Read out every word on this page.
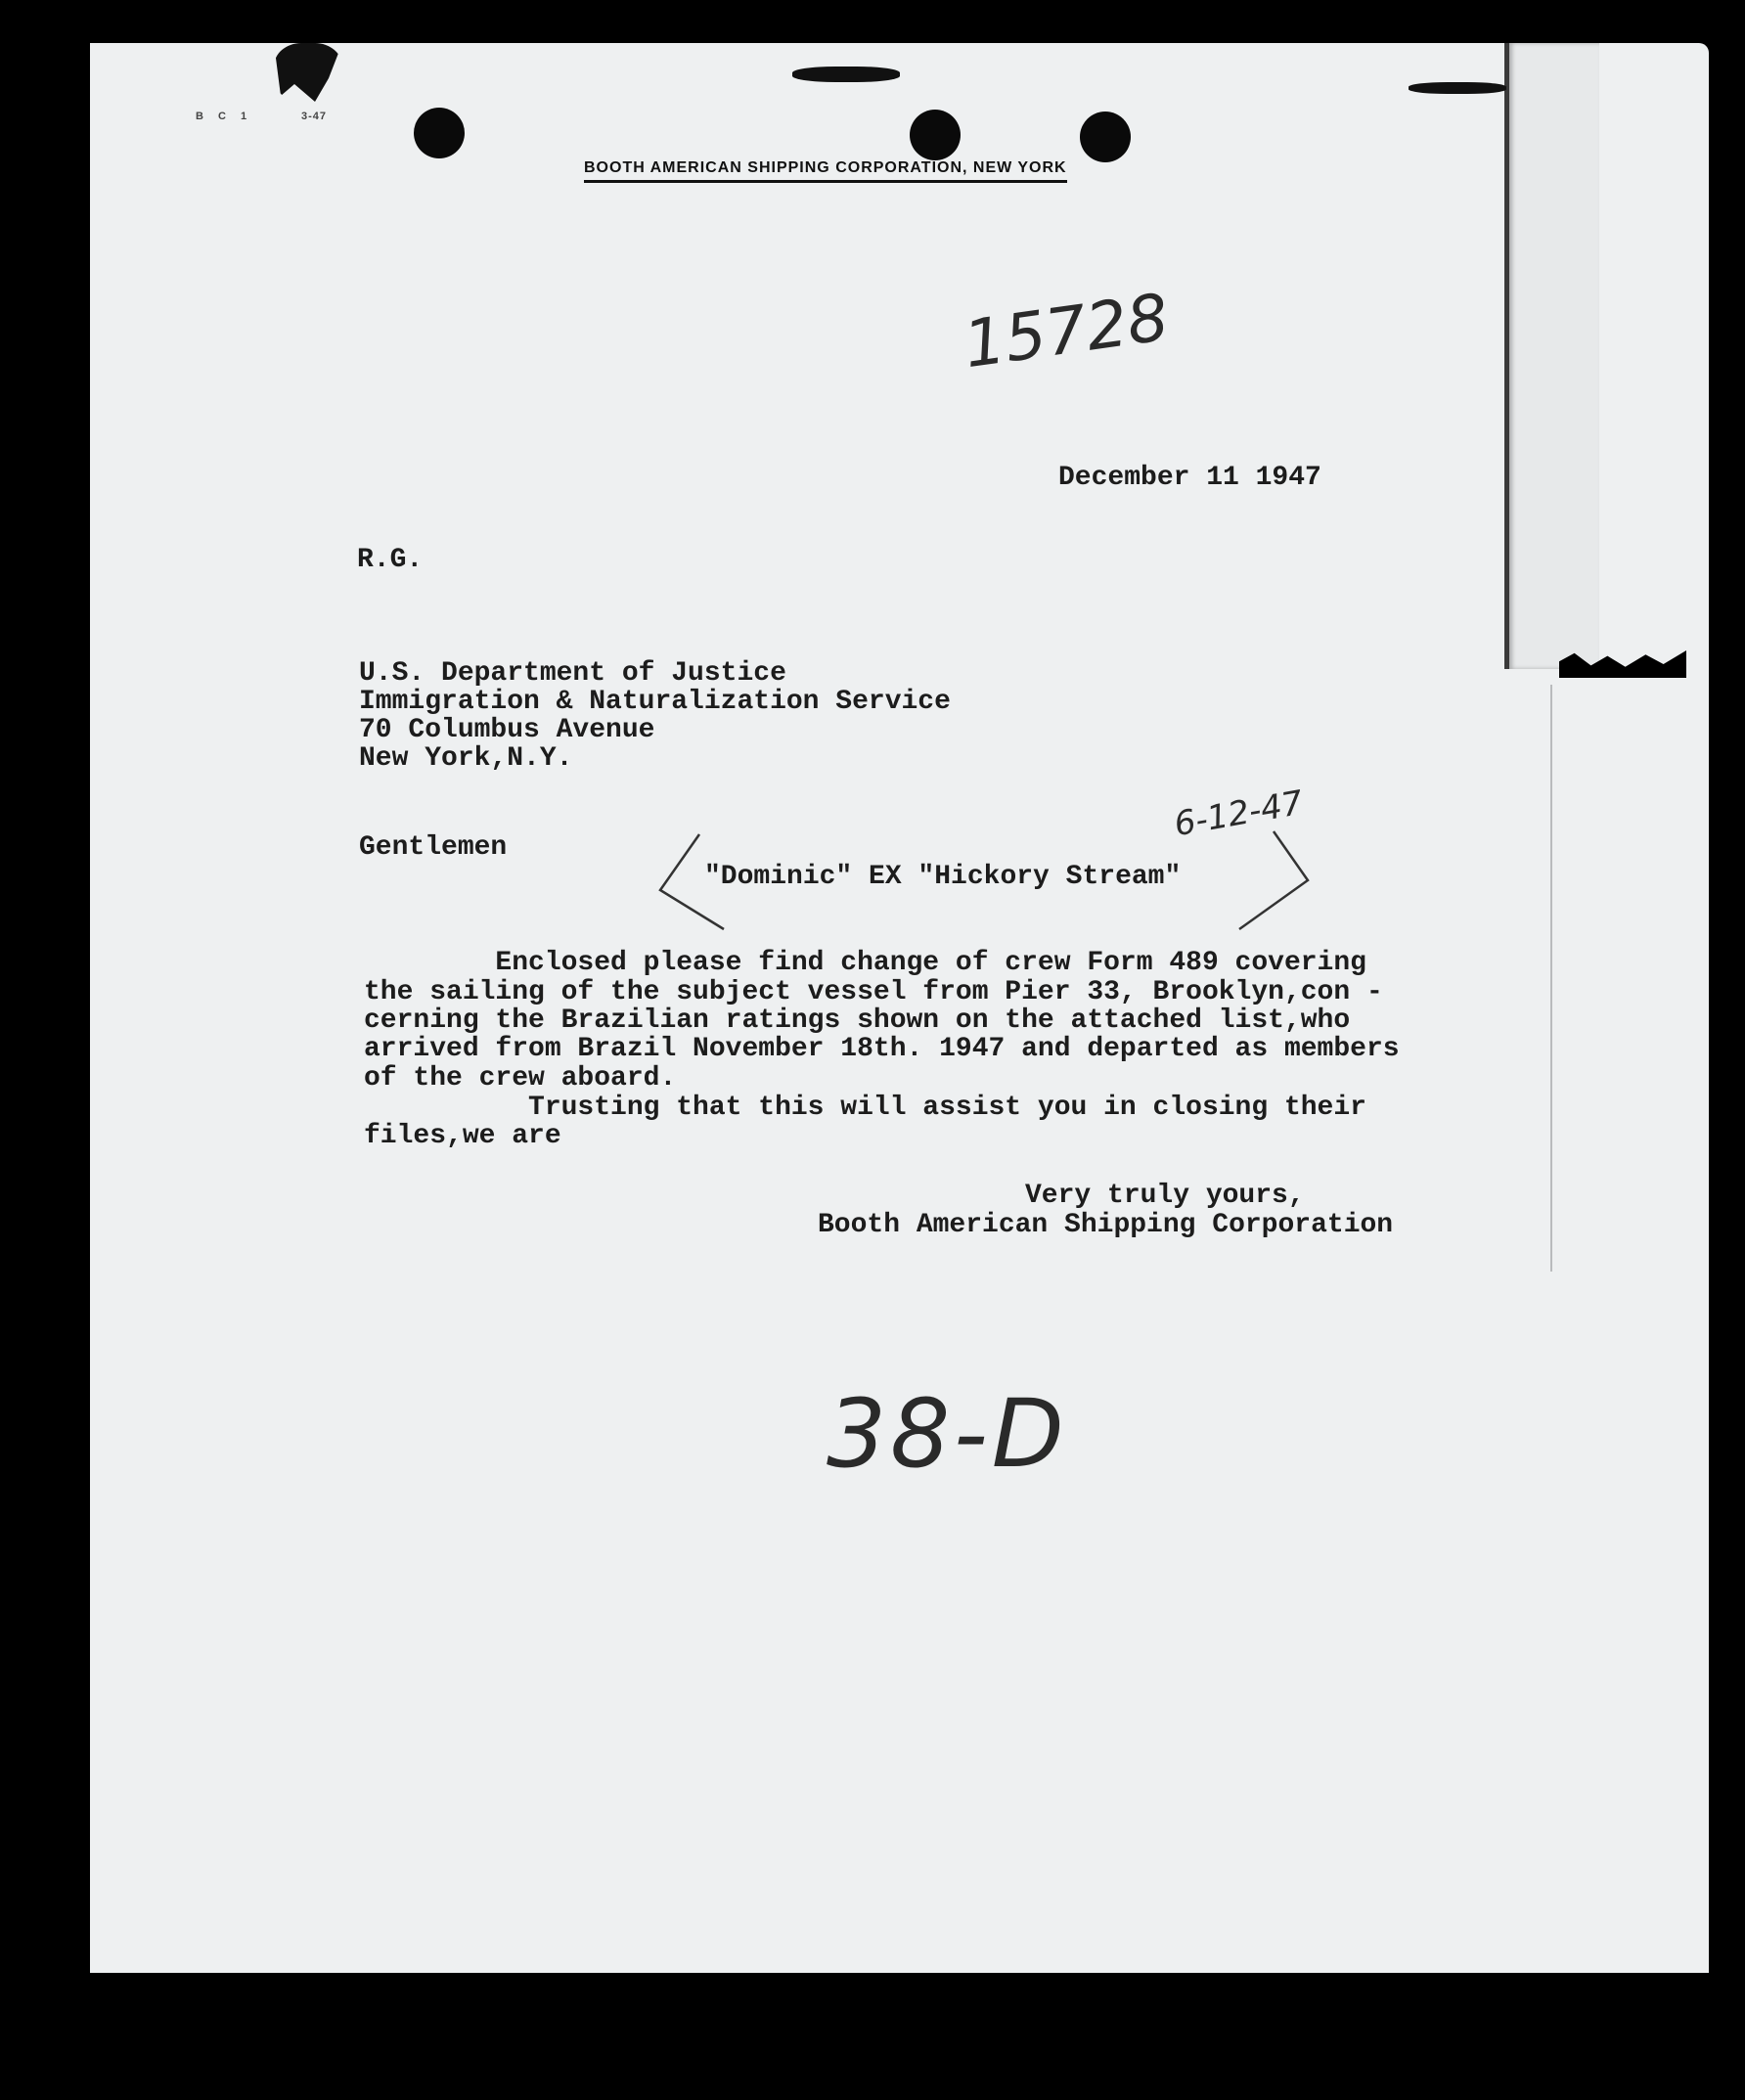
B C 1	3-47
BOOTH AMERICAN SHIPPING CORPORATION, NEW YORK
15728
December 11 1947
R.G.
U.S. Department of Justice
Immigration & Naturalization Service
70 Columbus Avenue
New York,N.Y.
Gentlemen
6-12-47
"Dominic" EX "Hickory Stream"
Enclosed please find change of crew Form 489 covering
the sailing of the subject vessel from Pier 33, Brooklyn,con -
cerning the Brazilian ratings shown on the attached list,who
arrived from Brazil November 18th. 1947 and departed as members
of the crew aboard.
Trusting that this will assist you in closing their
files,we are
Very truly yours,
Booth American Shipping Corporation
38-D
